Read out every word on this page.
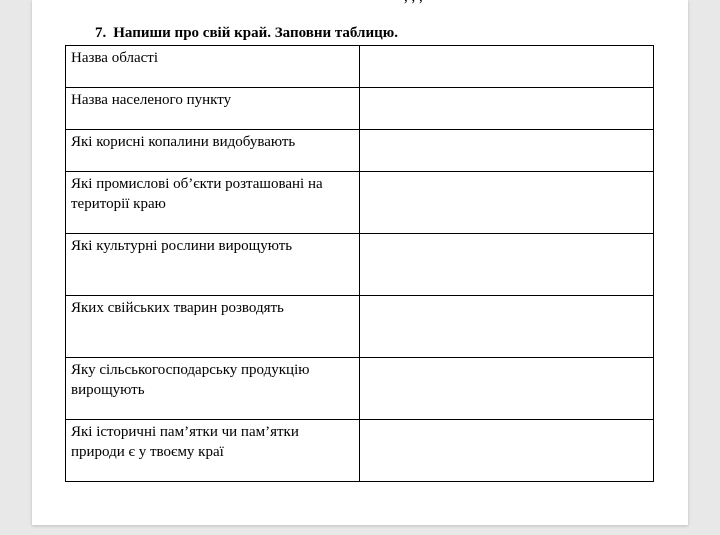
7. Напиши про свій край. Заповни таблицю.
Назва області	
Назва населеного пункту	
Які корисні копалини видобувають	
Які промислові об’єкти розташовані на території краю	
Які культурні рослини вирощують	
Яких свійських тварин розводять	
Яку сільськогосподарську продукцію вирощують	
Які історичні пам’ятки чи пам’ятки природи є у твоєму краї	
